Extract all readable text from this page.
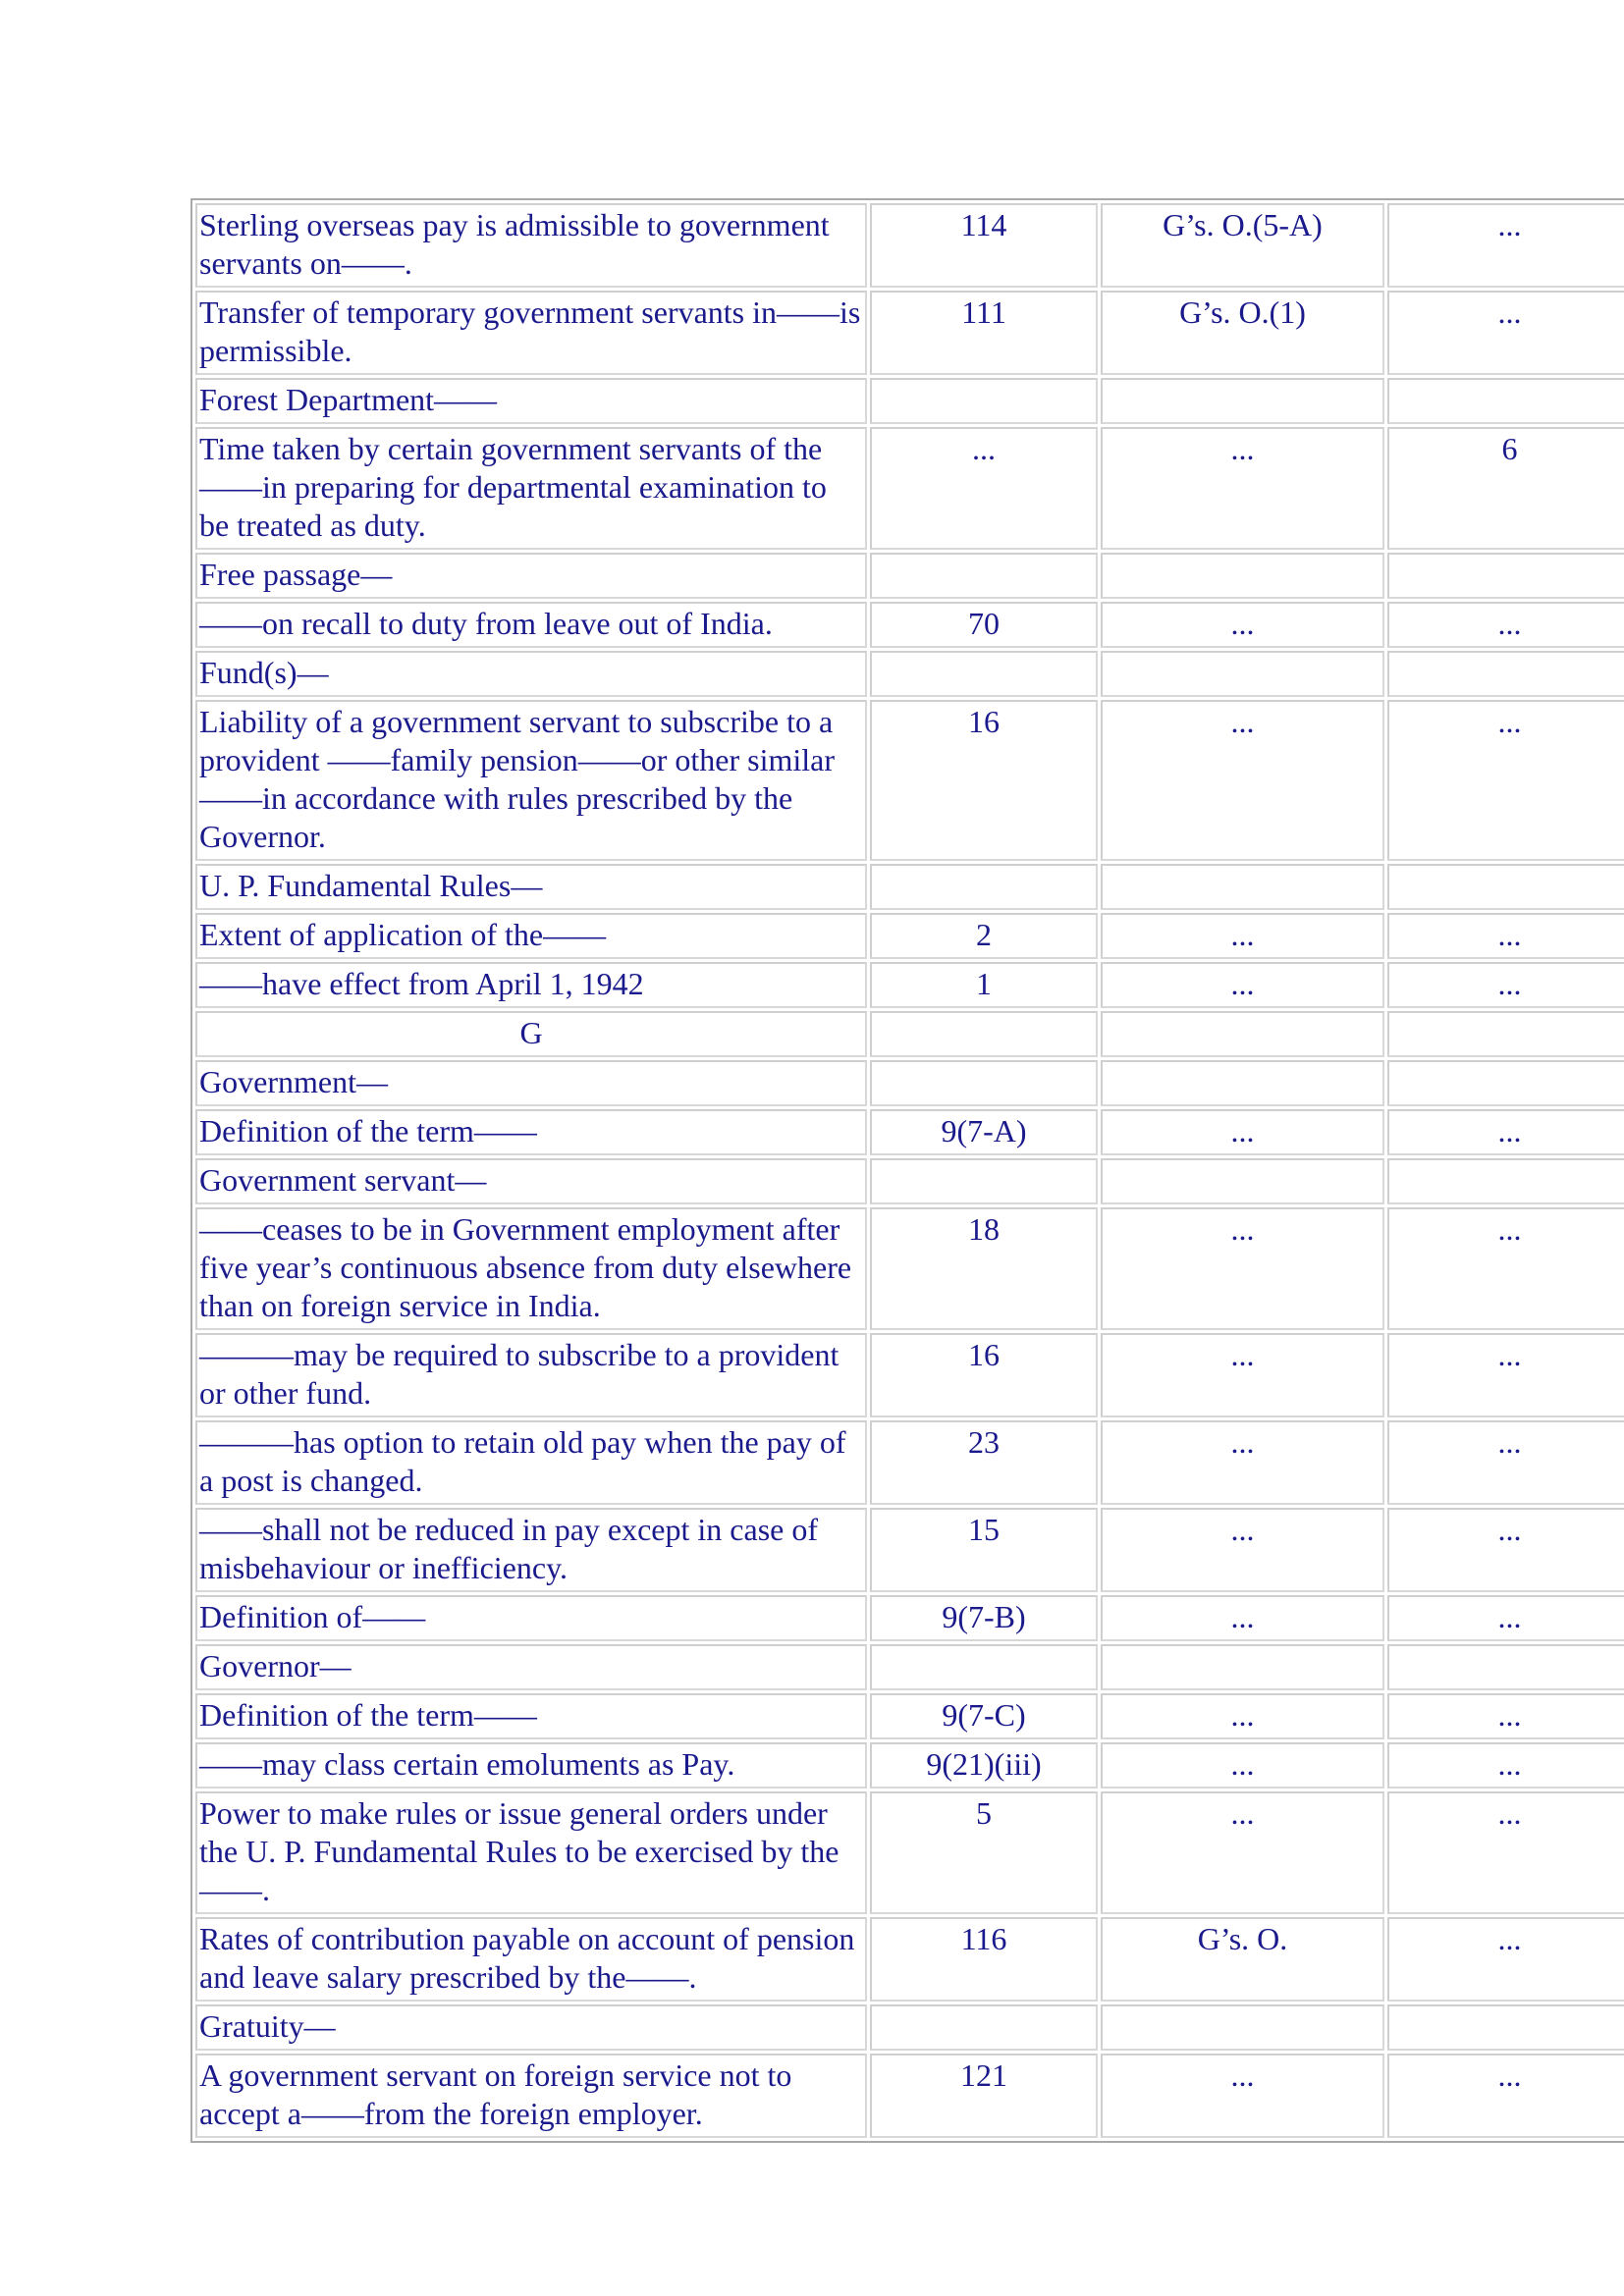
Sterling overseas pay is admissible to government servants on——.	114	G’s. O.(5-A)	...
Transfer of temporary government servants in——is permissible.	111	G’s. O.(1)	...
Forest Department——			
Time taken by certain government servants of the——in preparing for departmental examination to be treated as duty.	...	...	6
Free passage—			
——on recall to duty from leave out of India.	70	...	...
Fund(s)—			
Liability of a government servant to subscribe to a provident ——family pension——or other similar——in accordance with rules prescribed by the Governor.	16	...	...
U. P. Fundamental Rules—			
Extent of application of the——	2	...	...
——have effect from April 1, 1942	1	...	...
G			
Government—			
Definition of the term——	9(7-A)	...	...
Government servant—			
——ceases to be in Government employment after five year’s continuous absence from duty elsewhere than on foreign service in India.	18	...	...
———may be required to subscribe to a provident or other fund.	16	...	...
———has option to retain old pay when the pay of a post is changed.	23	...	...
——shall not be reduced in pay except in case of misbehaviour or inefficiency.	15	...	...
Definition of——	9(7-B)	...	...
Governor—			
Definition of the term——	9(7-C)	...	...
——may class certain emoluments as Pay.	9(21)(iii)	...	...
Power to make rules or issue general orders under the U. P. Fundamental Rules to be exercised by the——.	5	...	...
Rates of contribution payable on account of pension and leave salary prescribed by the——.	116	G’s. O.	...
Gratuity—			
A government servant on foreign service not to accept a——from the foreign employer.	121	...	...
